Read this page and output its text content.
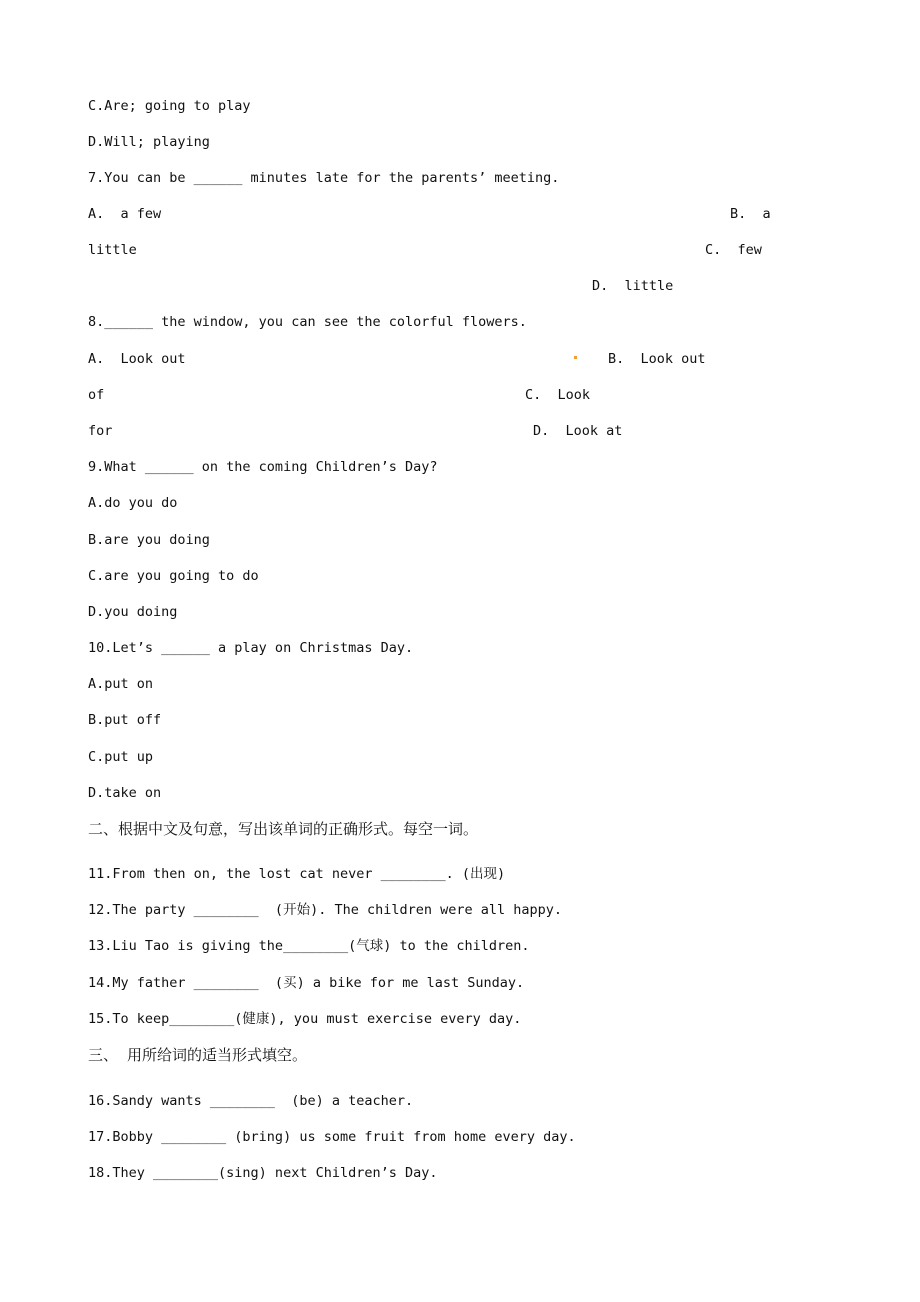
C.Are; going to play
D.Will; playing
7.You can be ______ minutes late for the parents’ meeting.
A.  a few	B.  a
little	C.  few
D.  little
8.______ the window, you can see the colorful flowers.
A.  Look out	B.  Look out
of	C.  Look
for	D.  Look at
9.What ______ on the coming Children’s Day?
A.do you do
B.are you doing
C.are you going to do
D.you doing
10.Let’s ______ a play on Christmas Day.
A.put on
B.put off
C.put up
D.take on
二、根据中文及句意，写出该单词的正确形式。每空一词。
11.From then on, the lost cat never ________. (出现)
12.The party ________  (开始). The children were all happy.
13.Liu Tao is giving the________(气球) to the children.
14.My father ________  (买) a bike for me last Sunday.
15.To keep________(健康), you must exercise every day.
三、 用所给词的适当形式填空。
16.Sandy wants ________  (be) a teacher.
17.Bobby ________ (bring) us some fruit from home every day.
18.They ________(sing) next Children’s Day.
